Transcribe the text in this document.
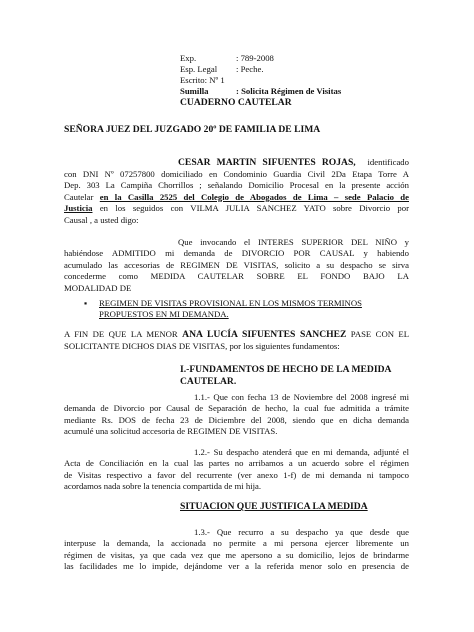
Exp.	: 789-2008
Esp. Legal : Peche.
Escrito: Nº 1
Sumilla	: Solicita Régimen de Visitas
CUADERNO CAUTELAR
SEÑORA JUEZ DEL JUZGADO 20º DE FAMILIA DE LIMA
CESAR MARTIN SIFUENTES ROJAS, identificado
con DNI Nº 07257800 domiciliado en Condominio Guardia Civil 2Da Etapa Torre A
Dep. 303 La Campiña Chorrillos ; señalando Domicilio Procesal en la presente acción
Cautelar en la Casilla 2525 del Colegio de Abogados de Lima – sede Palacio de
Justicia en los seguidos con VILMA JULIA SANCHEZ YATO sobre Divorcio por
Causal , a usted digo:
Que invocando el INTERES SUPERIOR DEL NIÑO y
habiéndose ADMITIDO mi demanda de DIVORCIO POR CAUSAL y habiendo
acumulado las accesorias de REGIMEN DE VISITAS, solicito a su despacho se sirva
concederme como MEDIDA CAUTELAR SOBRE EL FONDO BAJO LA
MODALIDAD DE
▪ REGIMEN DE VISITAS PROVISIONAL EN LOS MISMOS TERMINOS
PROPUESTOS EN MI DEMANDA.
A FIN DE QUE LA MENOR ANA LUCÍA SIFUENTES SANCHEZ PASE CON EL
SOLICITANTE DICHOS DIAS DE VISITAS, por los siguientes fundamentos:
I.-FUNDAMENTOS DE HECHO DE LA MEDIDA
CAUTELAR.
1.1.- Que con fecha 13 de Noviembre del 2008 ingresé mi
demanda de Divorcio por Causal de Separación de hecho, la cual fue admitida a trámite
mediante Rs. DOS de fecha 23 de Diciembre del 2008, siendo que en dicha demanda
acumulé una solicitud accesoria de REGIMEN DE VISITAS.
1.2.- Su despacho atenderá que en mi demanda, adjunté el
Acta de Conciliación en la cual las partes no arribamos a un acuerdo sobre el régimen
de Visitas respectivo a favor del recurrente (ver anexo 1-f) de mi demanda ni tampoco
acordamos nada sobre la tenencia compartida de mi hija.
SITUACION QUE JUSTIFICA LA MEDIDA
1.3.- Que recurro a su despacho ya que desde que
interpuse la demanda, la accionada no permite a mi persona ejercer libremente un
régimen de visitas, ya que cada vez que me apersono a su domicilio, lejos de brindarme
las facilidades me lo impide, dejándome ver a la referida menor solo en presencia de
